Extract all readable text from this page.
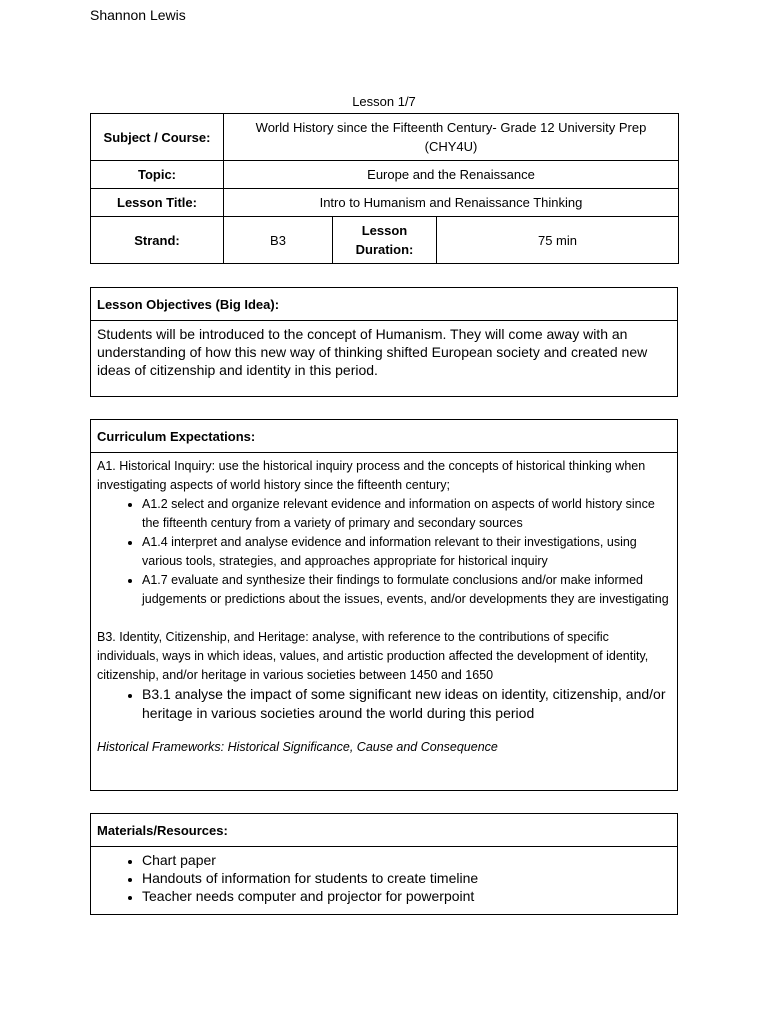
Shannon Lewis
Lesson 1/7
Subject / Course:	World History since the Fifteenth Century- Grade 12 University Prep (CHY4U)		
Topic:	Europe and the Renaissance		
Lesson Title:	Intro to Humanism and Renaissance Thinking		
Strand:	B3	Lesson Duration:	75 min
Lesson Objectives (Big Idea):
Students will be introduced to the concept of Humanism. They will come away with an understanding of how this new way of thinking shifted European society and created new ideas of citizenship and identity in this period.
Curriculum Expectations:

A1. Historical Inquiry: use the historical inquiry process and the concepts of historical thinking when investigating aspects of world history since the fifteenth century;

• A1.2 select and organize relevant evidence and information on aspects of world history since the fifteenth century from a variety of primary and secondary sources
• A1.4 interpret and analyse evidence and information relevant to their investigations, using various tools, strategies, and approaches appropriate for historical inquiry
• A1.7 evaluate and synthesize their findings to formulate conclusions and/or make informed judgements or predictions about the issues, events, and/or developments they are investigating

B3. Identity, Citizenship, and Heritage: analyse, with reference to the contributions of specific individuals, ways in which ideas, values, and artistic production affected the development of identity, citizenship, and/or heritage in various societies between 1450 and 1650

• B3.1 analyse the impact of some significant new ideas on identity, citizenship, and/or heritage in various societies around the world during this period

Historical Frameworks: Historical Significance, Cause and Consequence

Materials/Resources:
• Chart paper
• Handouts of information for students to create timeline
• Teacher needs computer and projector for powerpoint
